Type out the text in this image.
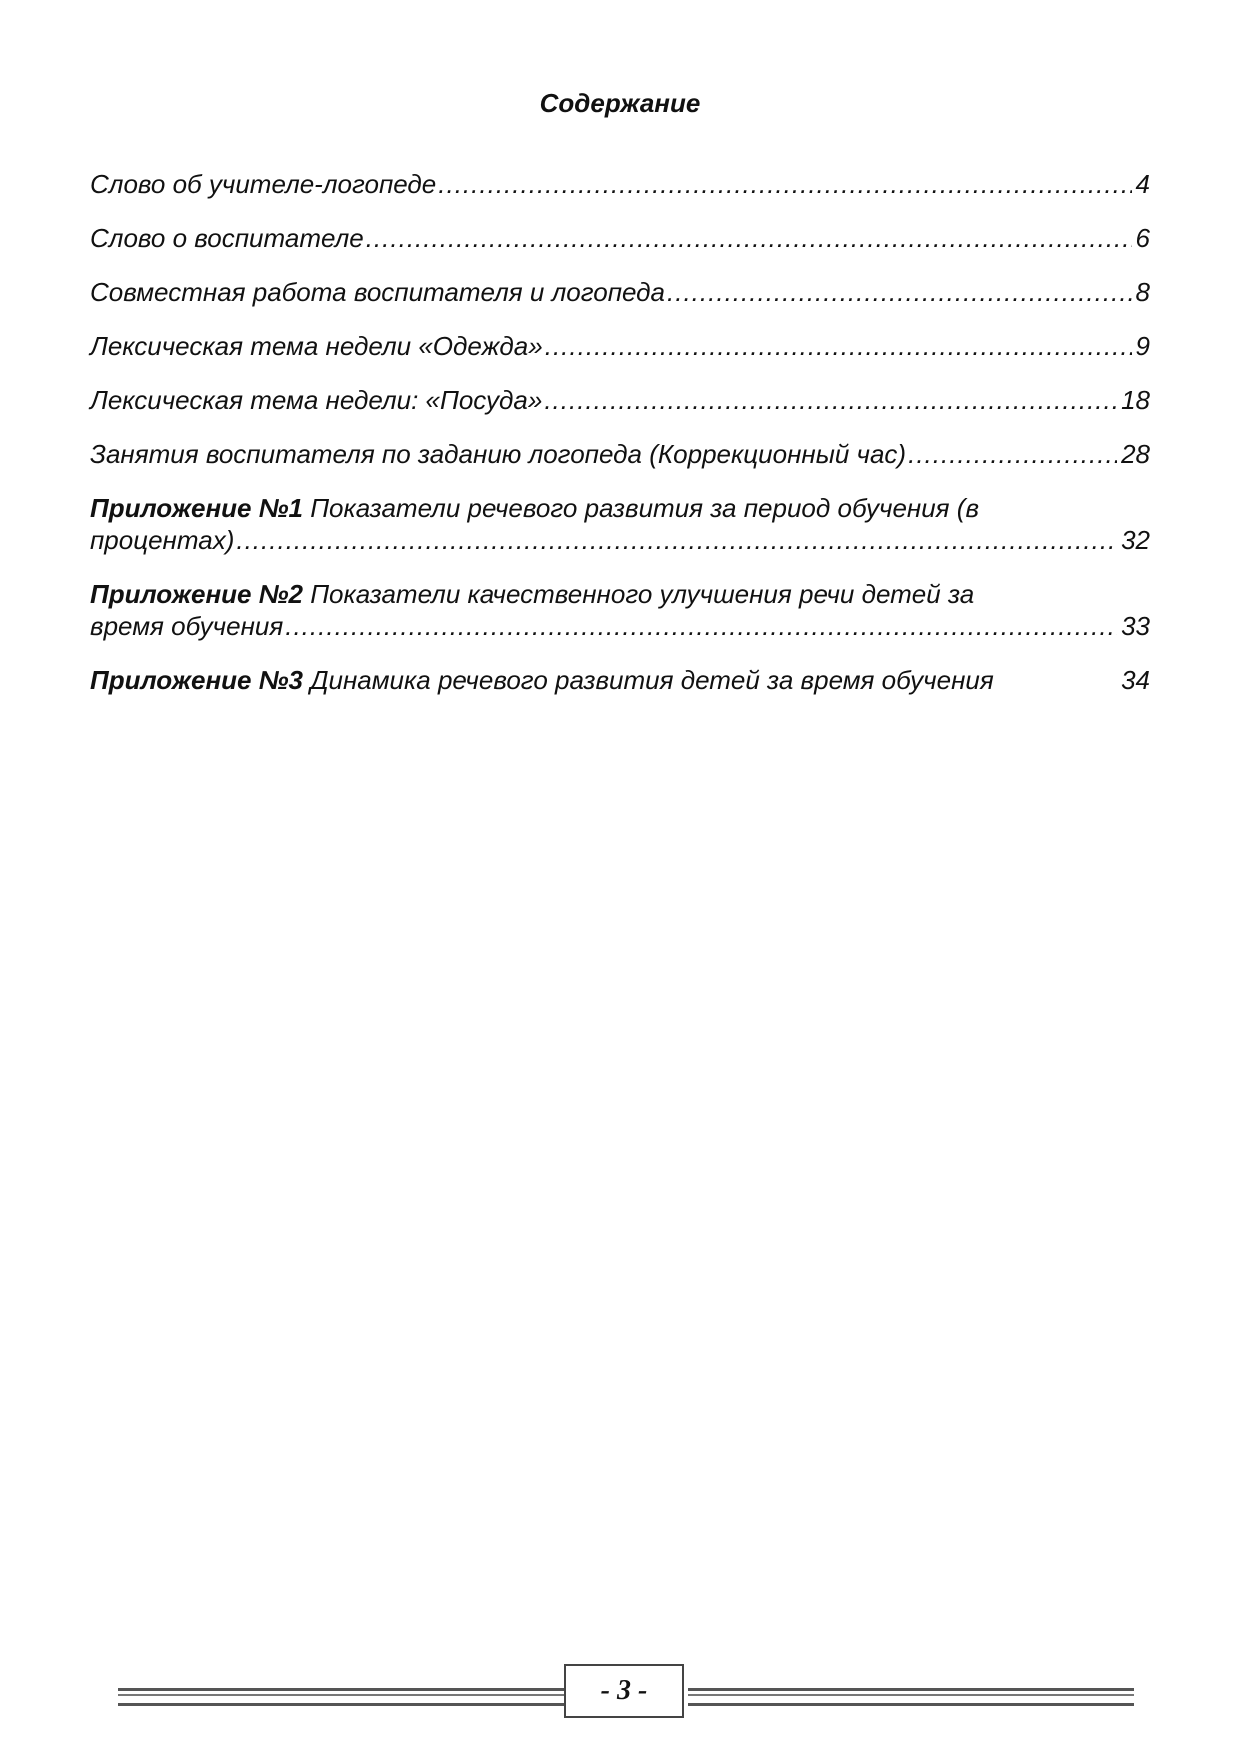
Содержание
Слово об учителе-логопеде .....	4
Слово о воспитателе .....	6
Совместная работа воспитателя и логопеда .....	8
Лексическая тема недели «Одежда» .....	9
Лексическая тема недели: «Посуда» .....	18
Занятия воспитателя по заданию логопеда (Коррекционный час) .....	28
Приложение №1 Показатели речевого развития за период обучения (в
процентах) .....	32
Приложение №2 Показатели качественного улучшения речи детей за
время обучения .....	33
Приложение №3 Динамика речевого развития детей за время обучения	34
- 3 -
